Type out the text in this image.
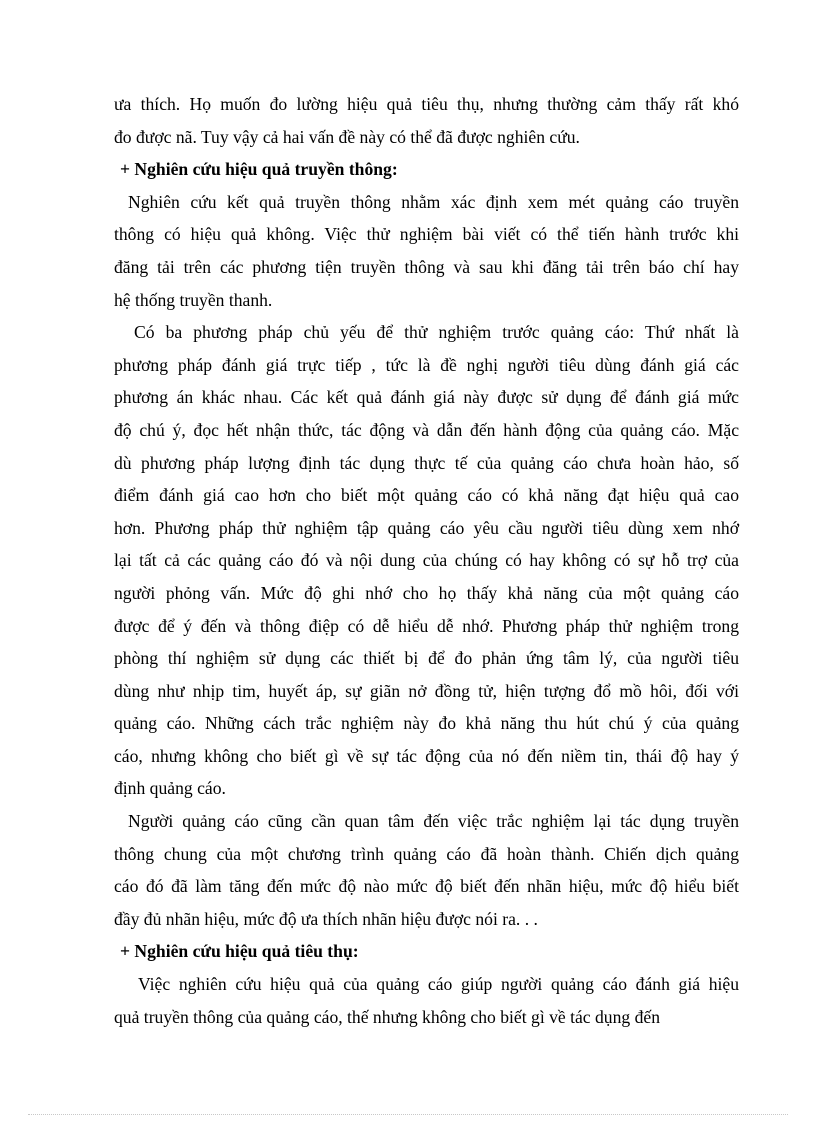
ưa thích. Họ muốn đo lường hiệu quả tiêu thụ, nhưng thường cảm thấy rất khó
đo được nã. Tuy vậy cả hai vấn đề này có thể đã được nghiên cứu.
+ Nghiên cứu hiệu quả truyền thông:
Nghiên cứu kết quả truyền thông nhằm xác định xem mét quảng cáo truyền
thông có hiệu quả không. Việc thử nghiệm bài viết có thể tiến hành trước khi
đăng tải trên các phương tiện truyền thông và sau khi đăng tải trên báo chí hay
hệ thống truyền thanh.
Có ba phương pháp chủ yếu để thử nghiệm trước quảng cáo: Thứ nhất là
phương pháp đánh giá trực tiếp , tức là đề nghị người tiêu dùng đánh giá các
phương án khác nhau. Các kết quả đánh giá này được sử dụng để đánh giá mức
độ chú ý, đọc hết nhận thức, tác động và dẫn đến hành động của quảng cáo. Mặc
dù phương pháp lượng định tác dụng thực tế của quảng cáo chưa hoàn hảo, số
điểm đánh giá cao hơn cho biết một quảng cáo có khả năng đạt hiệu quả cao
hơn. Phương pháp thử nghiệm tập quảng cáo yêu cầu người tiêu dùng xem nhớ
lại tất cả các quảng cáo đó và nội dung của chúng có hay không có sự hỗ trợ của
người phỏng vấn. Mức độ ghi nhớ cho họ thấy khả năng của một quảng cáo
được để ý đến và thông điệp có dễ hiểu dễ nhớ. Phương pháp thử nghiệm trong
phòng thí nghiệm sử dụng các thiết bị để đo phản ứng tâm lý, của người tiêu
dùng như nhịp tim, huyết áp, sự giãn nở đồng tử, hiện tượng đổ mồ hôi, đối với
quảng cáo. Những cách trắc nghiệm này đo khả năng thu hút chú ý của quảng
cáo, nhưng không cho biết gì về sự tác động của nó đến niềm tin, thái độ hay ý
định quảng cáo.
Người quảng cáo cũng cần quan tâm đến việc trắc nghiệm lại tác dụng truyền
thông chung của một chương trình quảng cáo đã hoàn thành. Chiến dịch quảng
cáo đó đã làm tăng đến mức độ nào mức độ biết đến nhãn hiệu, mức độ hiểu biết
đầy đủ nhãn hiệu, mức độ ưa thích nhãn hiệu được nói ra. . .
+ Nghiên cứu hiệu quả tiêu thụ:
Việc nghiên cứu hiệu quả của quảng cáo giúp người quảng cáo đánh giá hiệu
quả truyền thông của quảng cáo, thế nhưng không cho biết gì về tác dụng đến
